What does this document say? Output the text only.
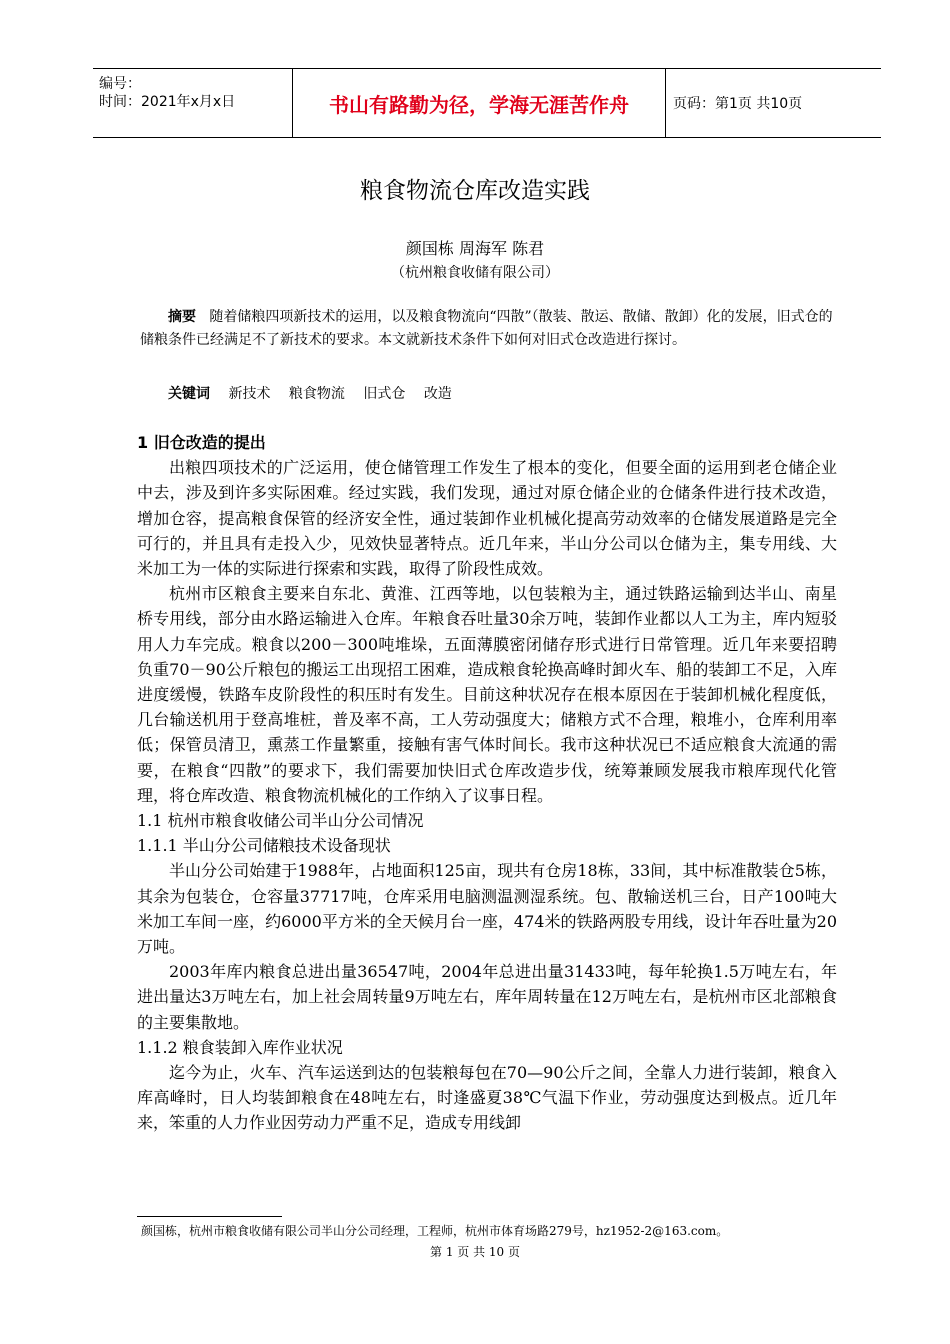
编号：
时间：2021年x月x日	书山有路勤为径，学海无涯苦作舟	页码：第1页 共10页
粮食物流仓库改造实践
颜国栋 周海军 陈君
（杭州粮食收储有限公司）
摘要 随着储粮四项新技术的运用，以及粮食物流向“四散”（散装、散运、散储、散卸）化的发展，旧式仓的储粮条件已经满足不了新技术的要求。本文就新技术条件下如何对旧式仓改造进行探讨。
关键词 新技术 粮食物流 旧式仓 改造
1 旧仓改造的提出

出粮四项技术的广泛运用，使仓储管理工作发生了根本的变化，但要全面的运用到老仓储企业中去，涉及到许多实际困难。经过实践，我们发现，通过对原仓储企业的仓储条件进行技术改造，增加仓容，提高粮食保管的经济安全性，通过装卸作业机械化提高劳动效率的仓储发展道路是完全可行的，并且具有走投入少，见效快显著特点。近几年来，半山分公司以仓储为主，集专用线、大米加工为一体的实际进行探索和实践，取得了阶段性成效。

杭州市区粮食主要来自东北、黄淮、江西等地，以包装粮为主，通过铁路运输到达半山、南星桥专用线，部分由水路运输进入仓库。年粮食吞吐量30余万吨，装卸作业都以人工为主，库内短驳用人力车完成。粮食以200－300吨堆垛，五面薄膜密闭储存形式进行日常管理。近几年来要招聘负重70－90公斤粮包的搬运工出现招工困难，造成粮食轮换高峰时卸火车、船的装卸工不足，入库进度缓慢，铁路车皮阶段性的积压时有发生。目前这种状况存在根本原因在于装卸机械化程度低，几台输送机用于登高堆桩，普及率不高，工人劳动强度大；储粮方式不合理，粮堆小，仓库利用率低；保管员清卫，熏蒸工作量繁重，接触有害气体时间长。我市这种状况已不适应粮食大流通的需要，在粮食“四散”的要求下，我们需要加快旧式仓库改造步伐，统筹兼顾发展我市粮库现代化管理，将仓库改造、粮食物流机械化的工作纳入了议事日程。

1.1 杭州市粮食收储公司半山分公司情况

1.1.1 半山分公司储粮技术设备现状

半山分公司始建于1988年，占地面积125亩，现共有仓房18栋，33间，其中标准散装仓5栋，其余为包装仓，仓容量37717吨，仓库采用电脑测温测湿系统。包、散输送机三台，日产100吨大米加工车间一座，约6000平方米的全天候月台一座，474米的铁路两股专用线，设计年吞吐量为20万吨。

2003年库内粮食总进出量36547吨，2004年总进出量31433吨，每年轮换1.5万吨左右，年进出量达3万吨左右，加上社会周转量9万吨左右，库年周转量在12万吨左右，是杭州市区北部粮食的主要集散地。

1.1.2 粮食装卸入库作业状况

迄今为止，火车、汽车运送到达的包装粮每包在70—90公斤之间，全靠人力进行装卸，粮食入库高峰时，日人均装卸粮食在48吨左右，时逢盛夏38℃气温下作业，劳动强度达到极点。近几年来，笨重的人力作业因劳动力严重不足，造成专用线卸

颜国栋，杭州市粮食收储有限公司半山分公司经理，工程师，杭州市体育场路279号，hz1952-2@163.com。
第 1 页 共 10 页
